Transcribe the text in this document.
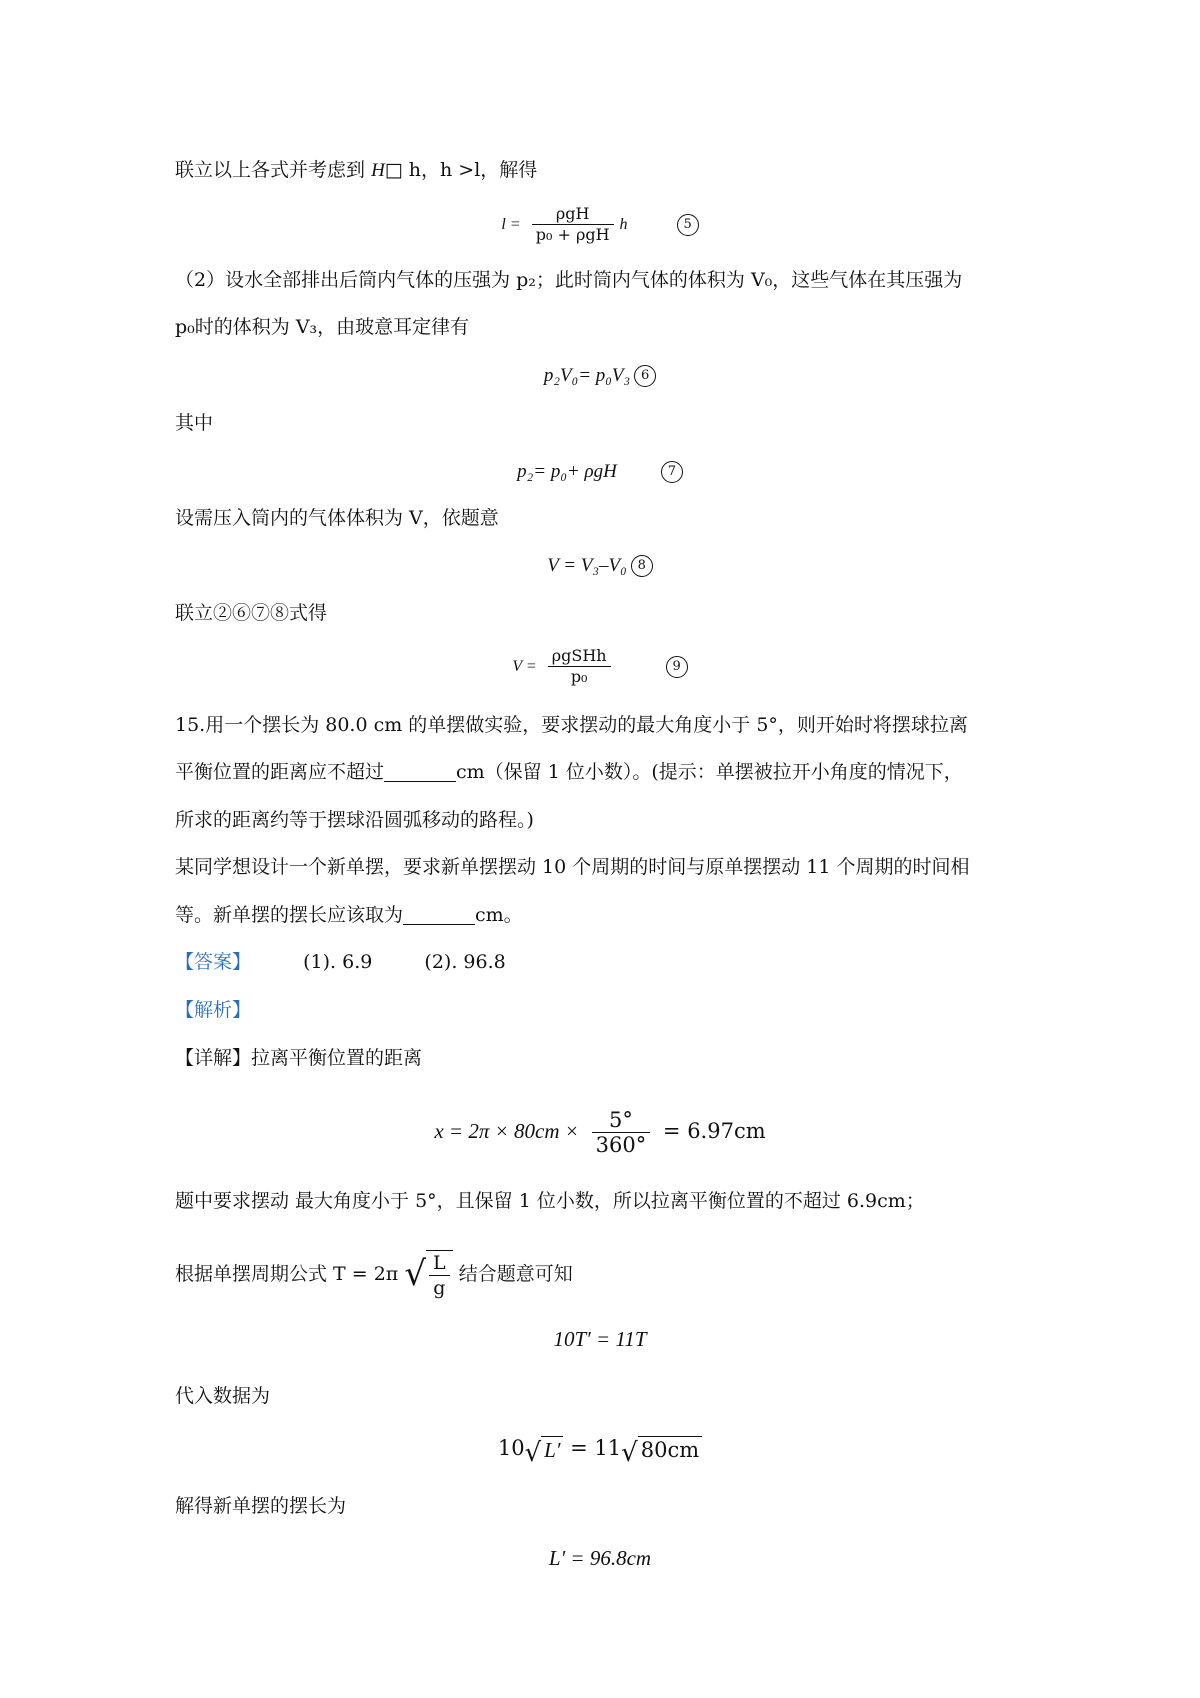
联立以上各式并考虑到 H□ h，h >l，解得
$l = \frac{\text{ρgH}}{\text{p₀ + ρgH}}$ h	5
（2）设水全部排出后筒内气体的压强为 p₂；此时筒内气体的体积为 V₀，这些气体在其压强为
p₀时的体积为 V₃，由玻意耳定律有
p₂V₀= p₀V₃ 6
其中
p₂= p₀+ ρgH	7
设需压入筒内的气体体积为 V，依题意
V = V₃–V₀ 8
联立②⑥⑦⑧式得
$V = \frac{\text{ρgSHh}}{\text{p₀}}$	9
15.用一个摆长为 80.0 cm 的单摆做实验，要求摆动的最大角度小于 5°，则开始时将摆球拉离
平衡位置的距离应不超过	cm（保留 1 位小数）。(提示：单摆被拉开小角度的情况下，
所求的距离约等于摆球沿圆弧移动的路程。)
某同学想设计一个新单摆，要求新单摆摆动 10 个周期的时间与原单摆摆动 11 个周期的时间相
等。新单摆的摆长应该取为	cm。
【答案】	(1). 6.9	(2). 96.8
【解析】
【详解】拉离平衡位置的距离
$x = 2\pi \times 80cm \times \frac{5^\circ}{360^\circ} = 6.97cm$
题中要求摆动 最大角度小于 5°，且保留 1 位小数，所以拉离平衡位置的不超过 6.9cm；
根据单摆周期公式 T = 2π √ $\frac{L}{g}$ 结合题意可知
10T′ = 11T
代入数据为
10√ L′ = 11√ 80cm
解得新单摆的摆长为
L′ = 96.8cm
